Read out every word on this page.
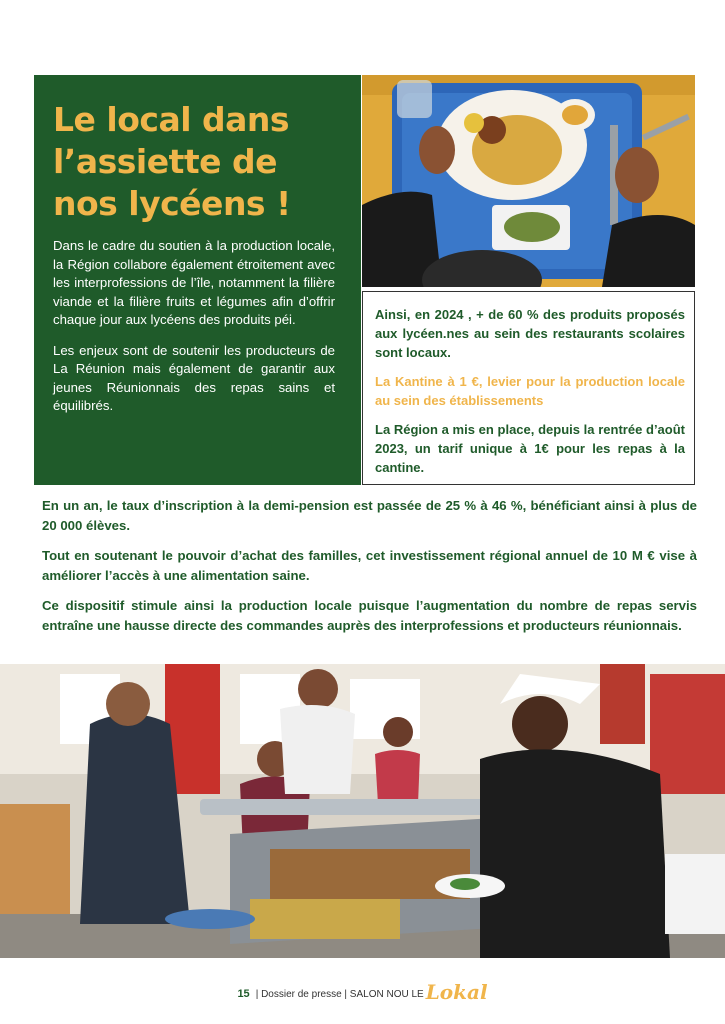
Le local dans l’assiette de nos lycéens !

Dans le cadre du soutien à la production locale, la Région collabore également étroitement avec les interprofessions de l’île, notamment la filière viande et la filière fruits et légumes afin d’offrir chaque jour aux lycéens des produits péi.

Les enjeux sont de soutenir les producteurs de La Réunion mais également de garantir aux jeunes Réunionnais des repas sains et équilibrés.

Ainsi, en 2024 , + de 60 % des produits proposés aux lycéen.nes au sein des restaurants scolaires sont locaux.

La Kantine à 1 €, levier pour la production locale au sein des établissements

La Région a mis en place, depuis la rentrée d’août 2023, un tarif unique à 1€ pour les repas à la cantine.

En un an, le taux d’inscription à la demi-pension est passée de 25 % à 46 %, bénéficiant ainsi à plus de 20 000 élèves.

Tout en soutenant le pouvoir d’achat des familles, cet investissement régional annuel de 10 M € vise à améliorer l’accès à une alimentation saine.

Ce dispositif stimule ainsi la production locale puisque l’augmentation du nombre de repas servis entraîne une hausse directe des commandes auprès des interprofessions et producteurs réunionnais.

15 | Dossier de presse | SALON NOU LE Lokal
